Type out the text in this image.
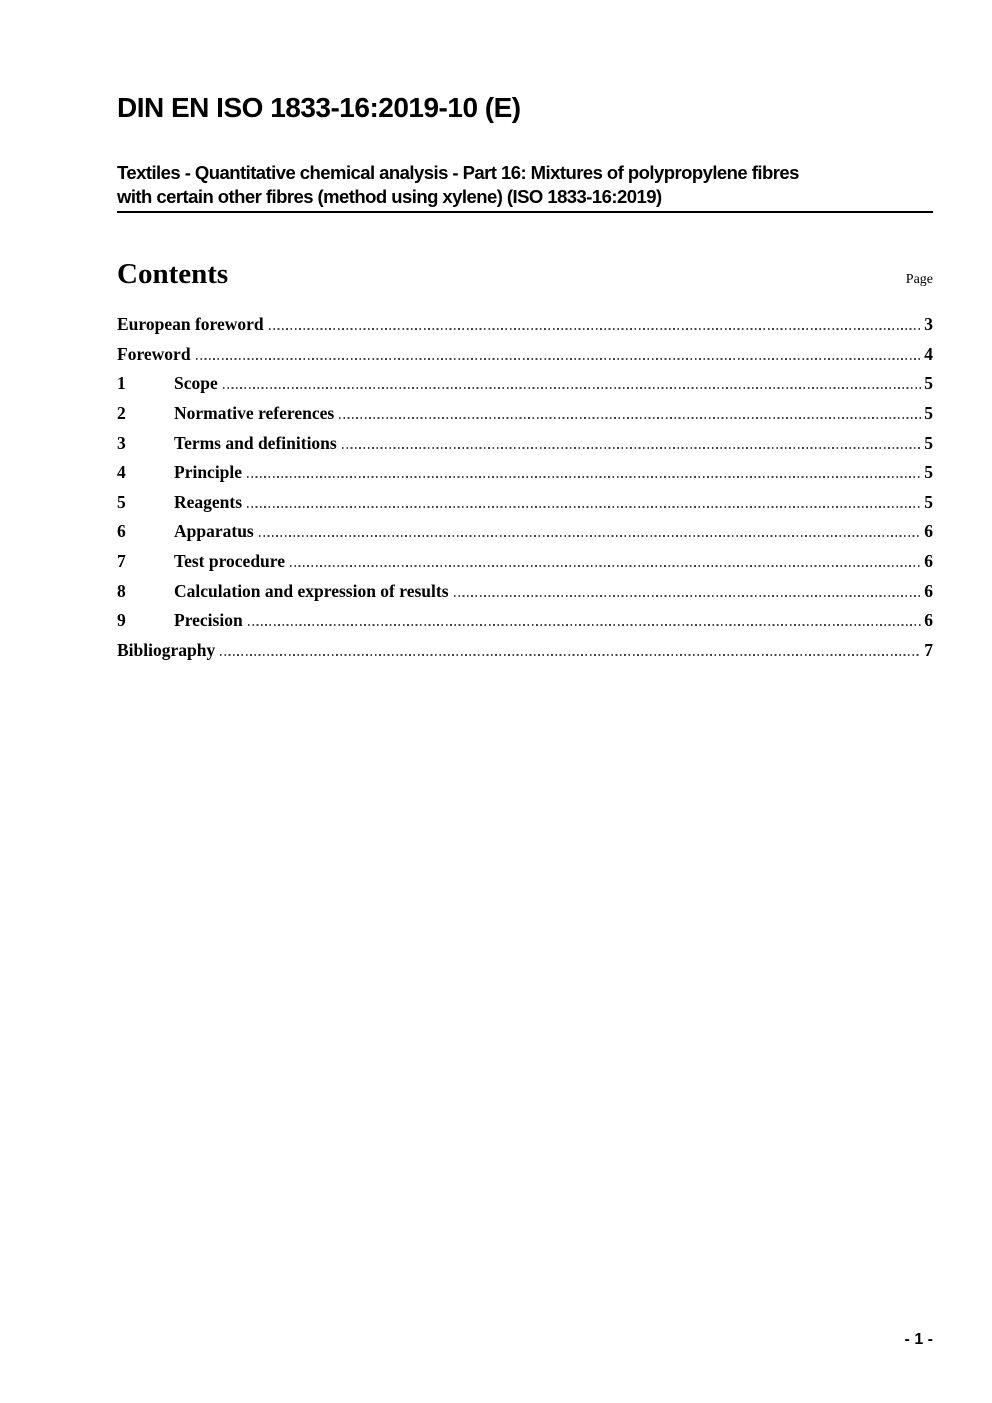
DIN EN ISO 1833-16:2019-10 (E)
Textiles - Quantitative chemical analysis - Part 16: Mixtures of polypropylene fibres
with certain other fibres (method using xylene) (ISO 1833-16:2019)
Contents	Page
European foreword	3
Foreword	4
1	Scope	5
2	Normative references	5
3	Terms and definitions	5
4	Principle	5
5	Reagents	5
6	Apparatus	6
7	Test procedure	6
8	Calculation and expression of results	6
9	Precision	6
Bibliography	7
- 1 -
